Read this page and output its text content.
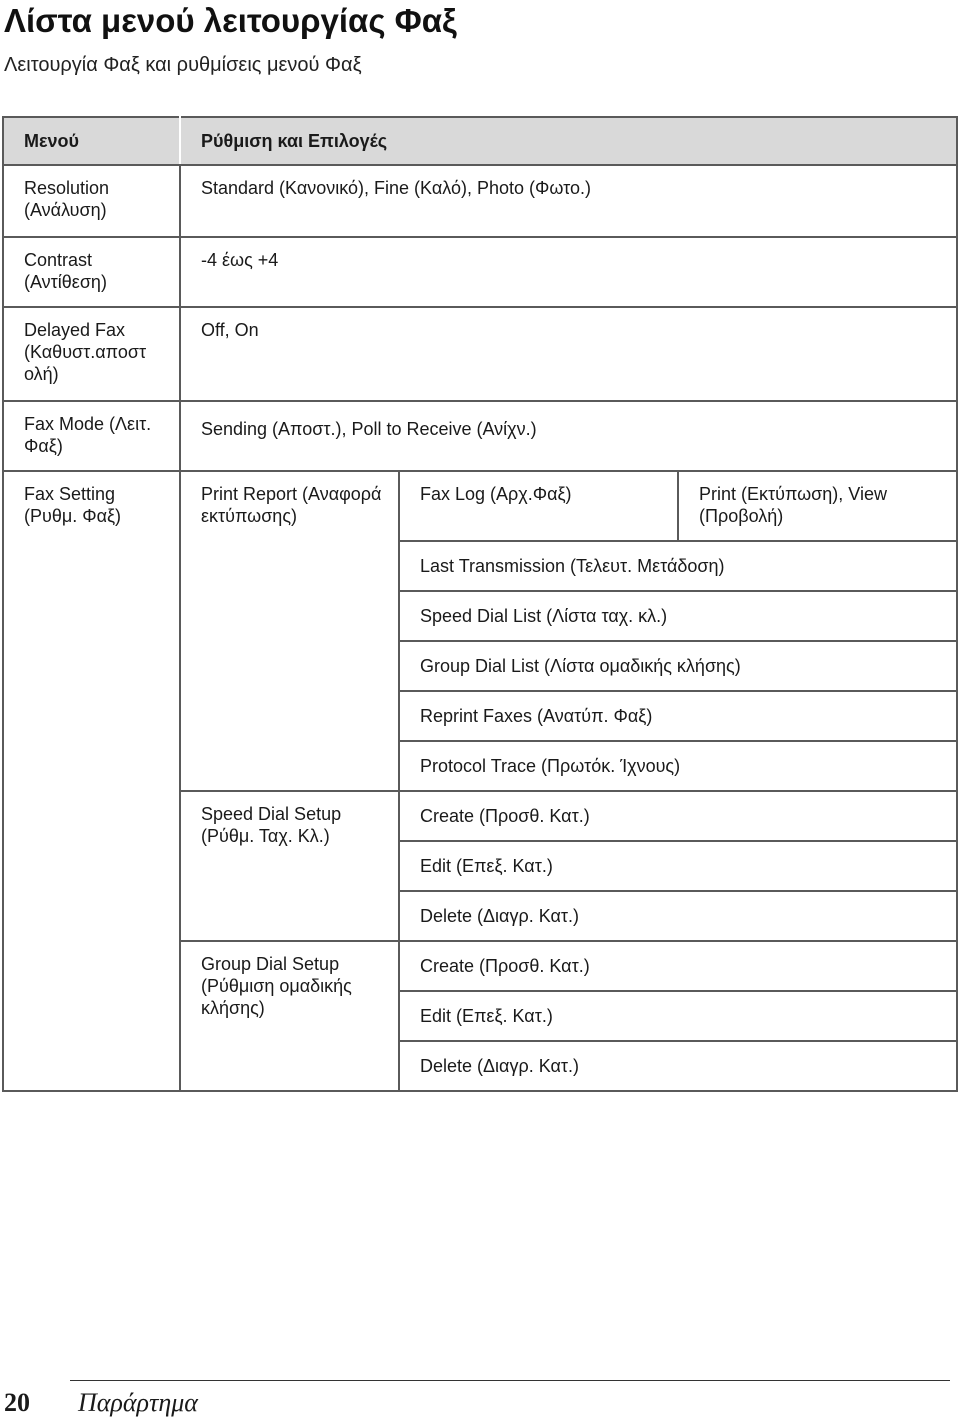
Λίστα μενού λειτουργίας Φαξ
Λειτουργία Φαξ και ρυθμίσεις μενού Φαξ
Μενού	Ρύθμιση και Επιλογές		
Resolution (Ανάλυση)	Standard (Κανονικό), Fine (Καλό), Photo (Φωτο.)		
Contrast (Αντίθεση)	-4 έως +4		
Delayed Fax (Καθυστ.αποστ ολή)	Off, On		
Fax Mode (Λειτ. Φαξ)	Sending (Αποστ.), Poll to Receive (Ανίχν.)		
Fax Setting (Ρυθμ. Φαξ)	Print Report (Αναφορά εκτύπωσης)	Fax Log (Αρχ.Φαξ)	Print (Εκτύπωση), View (Προβολή)
		Last Transmission (Τελευτ. Μετάδοση)	
		Speed Dial List (Λίστα ταχ. κλ.)	
		Group Dial List (Λίστα ομαδικής κλήσης)	
		Reprint Faxes (Ανατύπ. Φαξ)	
		Protocol Trace (Πρωτόκ. Ίχνους)	
	Speed Dial Setup (Ρύθμ. Ταχ. Κλ.)	Create (Προσθ. Κατ.)	
		Edit (Επεξ. Κατ.)	
		Delete (Διαγρ. Κατ.)	
	Group Dial Setup (Ρύθμιση ομαδικής κλήσης)	Create (Προσθ. Κατ.)	
		Edit (Επεξ. Κατ.)	
		Delete (Διαγρ. Κατ.)	
20 Παράρτημα
